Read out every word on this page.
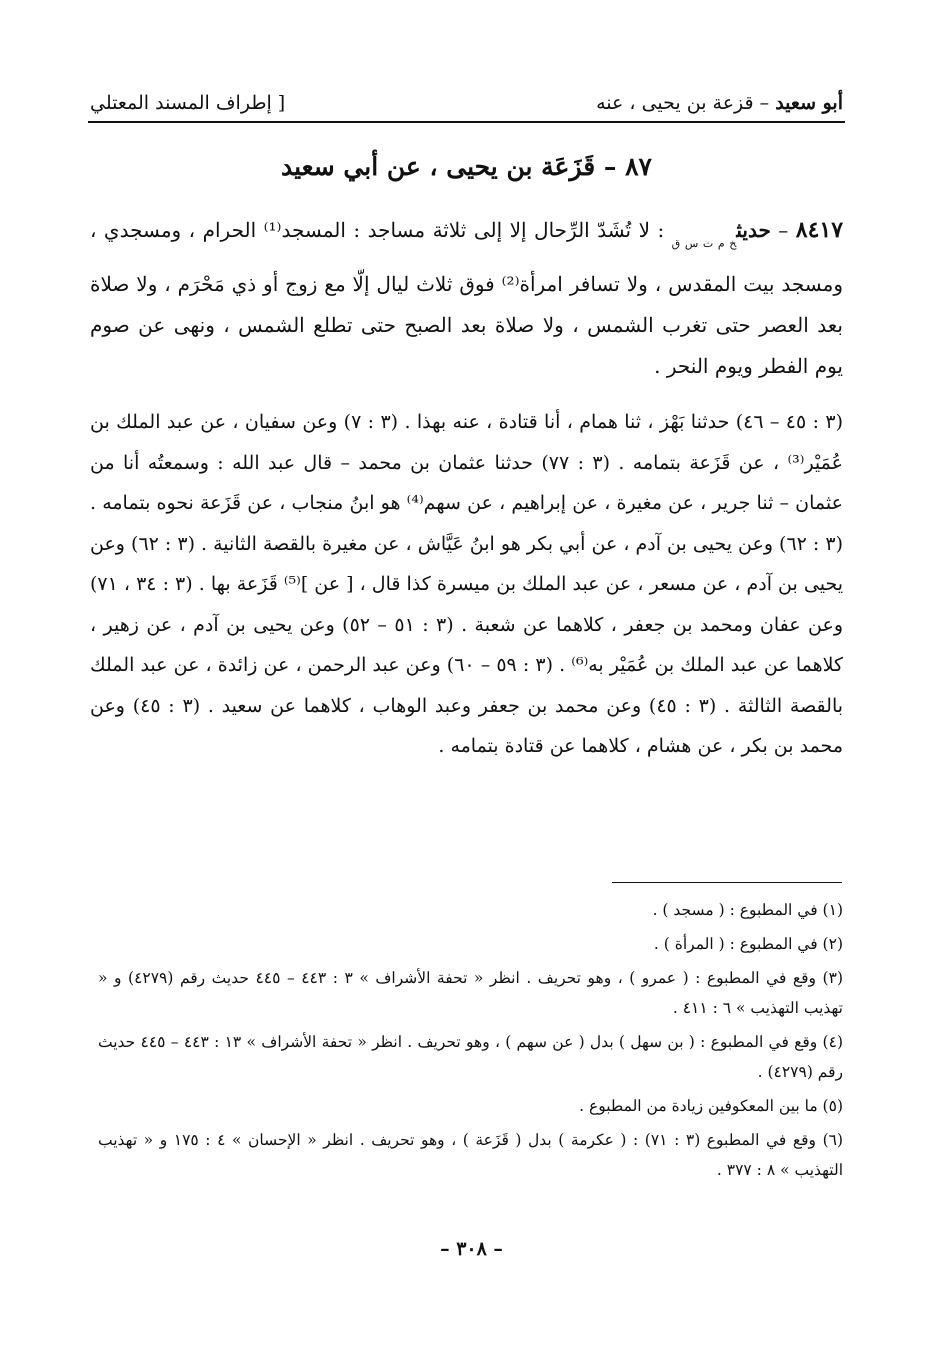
أبو سعيد – قزعة بن يحيى ، عنه
[ إطراف المسند المعتلي
٨٧ – قَزَعَة بن يحيى ، عن أبي سعيد
٨٤١٧ – حديث$_{خ م ت س ق}$ : لا تُشَدّ الرِّحال إلا إلى ثلاثة مساجد : المسجد⁽¹⁾ الحرام ، ومسجدي ، ومسجد بيت المقدس ، ولا تسافر امرأة⁽²⁾ فوق ثلاث ليال إلّا مع زوج أو ذي مَحْرَم ، ولا صلاة بعد العصر حتى تغرب الشمس ، ولا صلاة بعد الصبح حتى تطلع الشمس ، ونهى عن صوم يوم الفطر ويوم النحر .
(٣ : ٤٥ – ٤٦) حدثنا بَهْز ، ثنا همام ، أنا قتادة ، عنه بهذا . (٣ : ٧) وعن سفيان ، عن عبد الملك بن عُمَيْر⁽³⁾ ، عن قَزَعة بتمامه . (٣ : ٧٧) حدثنا عثمان بن محمد – قال عبد الله : وسمعتُه أنا من عثمان – ثنا جرير ، عن مغيرة ، عن إبراهيم ، عن سهم⁽⁴⁾ هو ابنُ منجاب ، عن قَزَعة نحوه بتمامه . (٣ : ٦٢) وعن يحيى بن آدم ، عن أبي بكر هو ابنُ عَيَّاش ، عن مغيرة بالقصة الثانية . (٣ : ٦٢) وعن يحيى بن آدم ، عن مسعر ، عن عبد الملك بن ميسرة كذا قال ، [ عن ]⁽⁵⁾ قَزَعة بها . (٣ : ٣٤ ، ٧١) وعن عفان ومحمد بن جعفر ، كلاهما عن شعبة . (٣ : ٥١ – ٥٢) وعن يحيى بن آدم ، عن زهير ، كلاهما عن عبد الملك بن عُمَيْر به⁽⁶⁾ . (٣ : ٥٩ – ٦٠) وعن عبد الرحمن ، عن زائدة ، عن عبد الملك بالقصة الثالثة . (٣ : ٤٥) وعن محمد بن جعفر وعبد الوهاب ، كلاهما عن سعيد . (٣ : ٤٥) وعن محمد بن بكر ، عن هشام ، كلاهما عن قتادة بتمامه .
(١) في المطبوع : ( مسجد ) .
(٢) في المطبوع : ( المرأة ) .
(٣) وقع في المطبوع : ( عمرو ) ، وهو تحريف . انظر « تحفة الأشراف » ٣ : ٤٤٣ – ٤٤٥ حديث رقم (٤٢٧٩) و « تهذيب التهذيب » ٦ : ٤١١ .
(٤) وقع في المطبوع : ( بن سهل ) بدل ( عن سهم ) ، وهو تحريف . انظر « تحفة الأشراف » ١٣ : ٤٤٣ – ٤٤٥ حديث رقم (٤٢٧٩) .
(٥) ما بين المعكوفين زيادة من المطبوع .
(٦) وقع في المطبوع (٣ : ٧١) : ( عكرمة ) بدل ( قَزَعة ) ، وهو تحريف . انظر « الإحسان » ٤ : ١٧٥ و « تهذيب التهذيب » ٨ : ٣٧٧ .
– ٣٠٨ –
